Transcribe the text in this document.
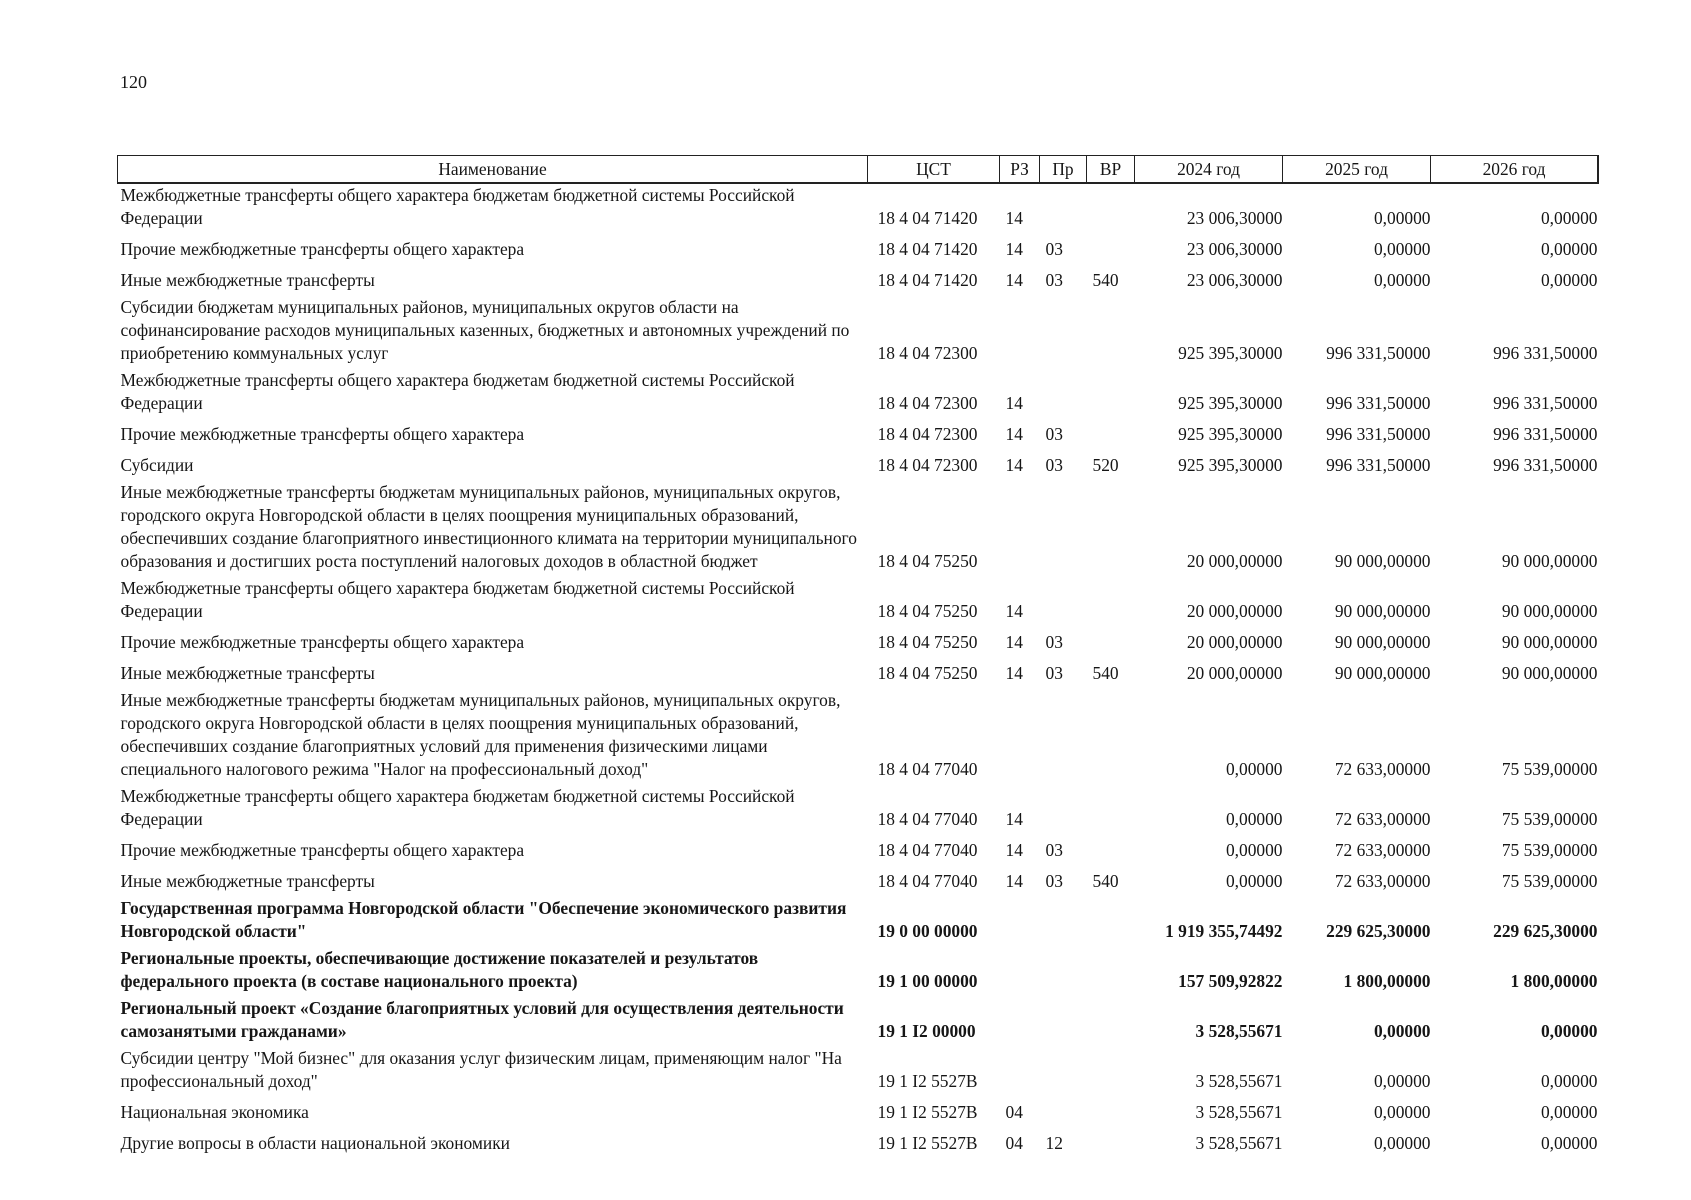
120
Наименование	ЦСТ	РЗ	Пр	ВР	2024 год	2025 год	2026 год
Межбюджетные трансферты общего характера бюджетам бюджетной системы Российской Федерации	18 4 04 71420	14			23 006,30000	0,00000	0,00000
Прочие межбюджетные трансферты общего характера	18 4 04 71420	14	03		23 006,30000	0,00000	0,00000
Иные межбюджетные трансферты	18 4 04 71420	14	03	540	23 006,30000	0,00000	0,00000
Субсидии бюджетам муниципальных районов, муниципальных округов области на софинансирование расходов муниципальных казенных, бюджетных и автономных учреждений по приобретению коммунальных услуг	18 4 04 72300				925 395,30000	996 331,50000	996 331,50000
Межбюджетные трансферты общего характера бюджетам бюджетной системы Российской Федерации	18 4 04 72300	14			925 395,30000	996 331,50000	996 331,50000
Прочие межбюджетные трансферты общего характера	18 4 04 72300	14	03		925 395,30000	996 331,50000	996 331,50000
Субсидии	18 4 04 72300	14	03	520	925 395,30000	996 331,50000	996 331,50000
Иные межбюджетные трансферты бюджетам муниципальных районов, муниципальных округов, городского округа Новгородской области в целях поощрения муниципальных образований, обеспечивших создание благоприятного инвестиционного климата на территории муниципального образования и достигших роста поступлений налоговых доходов в областной бюджет	18 4 04 75250				20 000,00000	90 000,00000	90 000,00000
Межбюджетные трансферты общего характера бюджетам бюджетной системы Российской Федерации	18 4 04 75250	14			20 000,00000	90 000,00000	90 000,00000
Прочие межбюджетные трансферты общего характера	18 4 04 75250	14	03		20 000,00000	90 000,00000	90 000,00000
Иные межбюджетные трансферты	18 4 04 75250	14	03	540	20 000,00000	90 000,00000	90 000,00000
Иные межбюджетные трансферты бюджетам муниципальных районов, муниципальных округов, городского округа Новгородской области в целях поощрения муниципальных образований, обеспечивших создание благоприятных условий для применения физическими лицами специального налогового режима "Налог на профессиональный доход"	18 4 04 77040				0,00000	72 633,00000	75 539,00000
Межбюджетные трансферты общего характера бюджетам бюджетной системы Российской Федерации	18 4 04 77040	14			0,00000	72 633,00000	75 539,00000
Прочие межбюджетные трансферты общего характера	18 4 04 77040	14	03		0,00000	72 633,00000	75 539,00000
Иные межбюджетные трансферты	18 4 04 77040	14	03	540	0,00000	72 633,00000	75 539,00000
Государственная программа Новгородской области "Обеспечение экономического развития Новгородской области"	19 0 00 00000				1 919 355,74492	229 625,30000	229 625,30000
Региональные проекты, обеспечивающие достижение показателей и результатов федерального проекта (в составе национального проекта)	19 1 00 00000				157 509,92822	1 800,00000	1 800,00000
Региональный проект «Создание благоприятных условий для осуществления деятельности самозанятыми гражданами»	19 1 I2 00000				3 528,55671	0,00000	0,00000
Субсидии центру "Мой бизнес" для оказания услуг физическим лицам, применяющим налог "На профессиональный доход"	19 1 I2 5527B				3 528,55671	0,00000	0,00000
Национальная экономика	19 1 I2 5527B	04			3 528,55671	0,00000	0,00000
Другие вопросы в области национальной экономики	19 1 I2 5527B	04	12		3 528,55671	0,00000	0,00000
